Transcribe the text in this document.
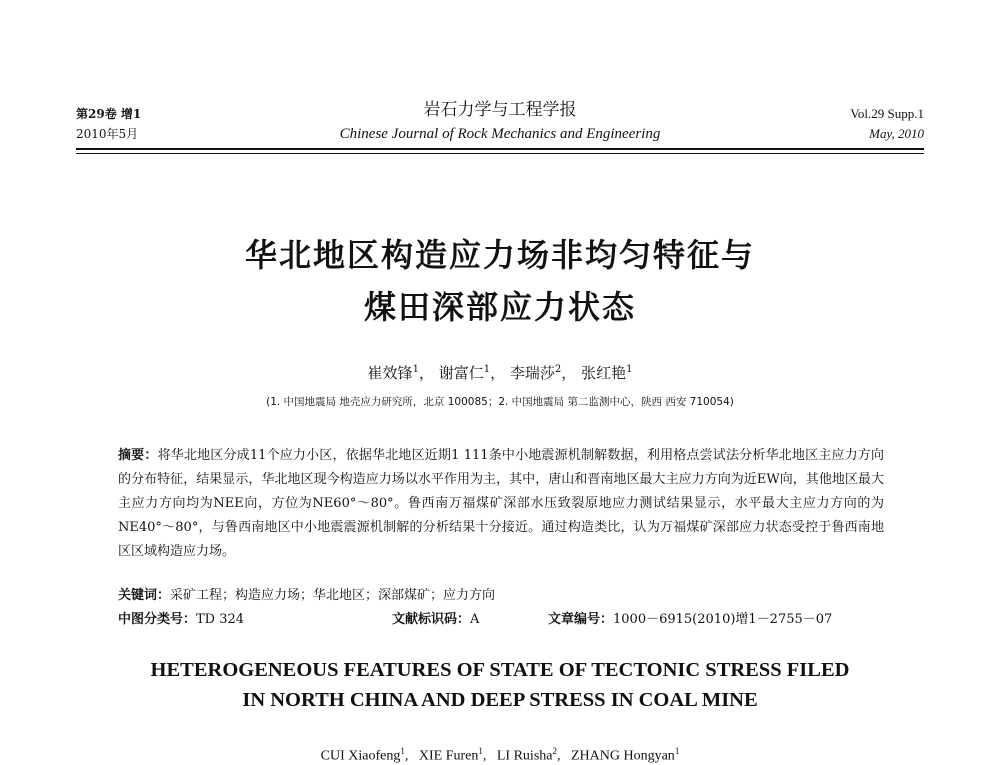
第29卷 增1
2010年5月
岩石力学与工程学报
Chinese Journal of Rock Mechanics and Engineering
Vol.29 Supp.1
May, 2010
华北地区构造应力场非均匀特征与
煤田深部应力状态
崔效锋$^1$， 谢富仁$^1$， 李瑞莎$^2$， 张红艳$^1$
(1. 中国地震局 地壳应力研究所，北京 100085；2. 中国地震局 第二监测中心，陕西 西安 710054)
摘要：将华北地区分成11个应力小区，依据华北地区近期1 111条中小地震源机制解数据，利用格点尝试法分析华北地区主应力方向的分布特征，结果显示，华北地区现今构造应力场以水平作用为主，其中，唐山和晋南地区最大主应力方向为近EW向，其他地区最大主应力方向均为NEE向，方位为NE60°～80°。鲁西南万福煤矿深部水压致裂原地应力测试结果显示，水平最大主应力方向的为NE40°～80°，与鲁西南地区中小地震震源机制解的分析结果十分接近。通过构造类比，认为万福煤矿深部应力状态受控于鲁西南地区区域构造应力场。
关键词：采矿工程；构造应力场；华北地区；深部煤矿；应力方向
中图分类号：TD 324	文献标识码：A	文章编号：1000－6915(2010)增1－2755－07
HETEROGENEOUS FEATURES OF STATE OF TECTONIC STRESS FILED
IN NORTH CHINA AND DEEP STRESS IN COAL MINE
CUI Xiaofeng$^1$,   XIE Furen$^1$,   LI Ruisha$^2$,   ZHANG Hongyan$^1$
